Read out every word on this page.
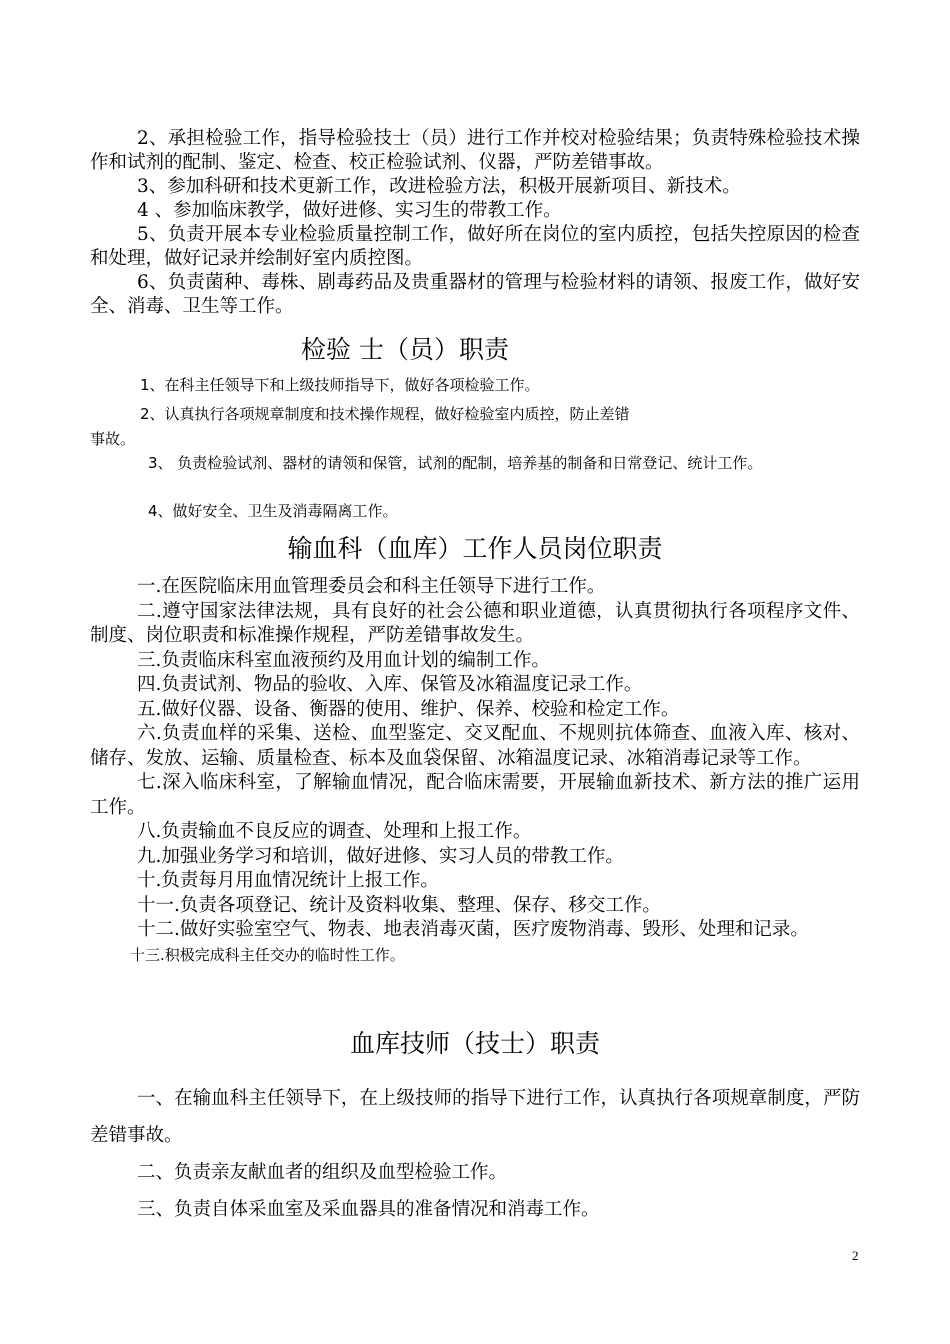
2、承担检验工作，指导检验技士（员）进行工作并校对检验结果；负责特殊检验技术操作和试剂的配制、鉴定、检查、校正检验试剂、仪器，严防差错事故。
3、参加科研和技术更新工作，改进检验方法，积极开展新项目、新技术。
4 、参加临床教学，做好进修、实习生的带教工作。
5、负责开展本专业检验质量控制工作，做好所在岗位的室内质控，包括失控原因的检查和处理，做好记录并绘制好室内质控图。
6、负责菌种、毒株、剧毒药品及贵重器材的管理与检验材料的请领、报废工作，做好安全、消毒、卫生等工作。
检验 士（员）职责
1、在科主任领导下和上级技师指导下，做好各项检验工作。
2、认真执行各项规章制度和技术操作规程，做好检验室内质控，防止差错
事故。
3、 负责检验试剂、器材的请领和保管，试剂的配制，培养基的制备和日常登记、统计工作。
4、做好安全、卫生及消毒隔离工作。
输血科（血库）工作人员岗位职责
一.在医院临床用血管理委员会和科主任领导下进行工作。
二.遵守国家法律法规，具有良好的社会公德和职业道德，认真贯彻执行各项程序文件、制度、岗位职责和标准操作规程，严防差错事故发生。
三.负责临床科室血液预约及用血计划的编制工作。
四.负责试剂、物品的验收、入库、保管及冰箱温度记录工作。
五.做好仪器、设备、衡器的使用、维护、保养、校验和检定工作。
六.负责血样的采集、送检、血型鉴定、交叉配血、不规则抗体筛查、血液入库、核对、储存、发放、运输、质量检查、标本及血袋保留、冰箱温度记录、冰箱消毒记录等工作。
七.深入临床科室，了解输血情况，配合临床需要，开展输血新技术、新方法的推广运用工作。
八.负责输血不良反应的调查、处理和上报工作。
九.加强业务学习和培训，做好进修、实习人员的带教工作。
十.负责每月用血情况统计上报工作。
十一.负责各项登记、统计及资料收集、整理、保存、移交工作。
十二.做好实验室空气、物表、地表消毒灭菌，医疗废物消毒、毁形、处理和记录。
十三.积极完成科主任交办的临时性工作。
血库技师（技士）职责
一、在输血科主任领导下，在上级技师的指导下进行工作，认真执行各项规章制度，严防差错事故。
二、负责亲友献血者的组织及血型检验工作。
三、负责自体采血室及采血器具的准备情况和消毒工作。
2
